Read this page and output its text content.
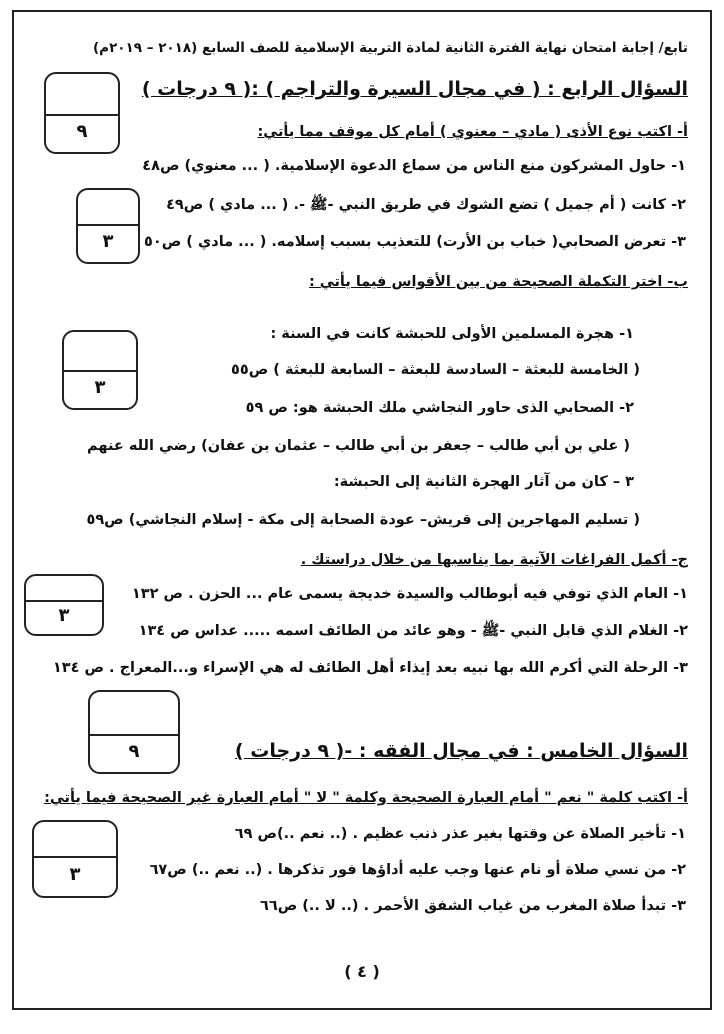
تابع/ إجابة امتحان نهاية الفترة الثانية لمادة التربية الإسلامية للصف السابع (٢٠١٨ – ٢٠١٩م)
٩
السؤال الرابع : ( في مجال السيرة والتراجم ) :( ٩ درجات )
أ- اكتب نوع الأذى ( مادي – معنوي ) أمام كل موقف مما يأتي:
١- حاول المشركون منع الناس من سماع الدعوة الإسلامية. ( ... معنوي) ص٤٨
٣
٢- كانت ( أم جميل ) تضع الشوك في طريق النبي -ﷺ -. ( ... مادي ) ص٤٩
٣- تعرض الصحابي( خباب بن الأرت) للتعذيب بسبب إسلامه. ( ... مادي ) ص٥٠
ب- اختر التكملة الصحيحة من بين الأقواس فيما يأتي :
٣
١- هجرة المسلمين الأولى للحبشة كانت في السنة :
( الخامسة للبعثة – السادسة للبعثة – السابعة للبعثة ) ص٥٥
٢- الصحابي الذى حاور النجاشي ملك الحبشة هو: ص ٥٩
( علي بن أبي طالب – جعفر بن أبي طالب – عثمان بن عفان) رضي الله عنهم
٣ – كان من آثار الهجرة الثانية إلى الحبشة:
( تسليم المهاجرين إلى قريش– عودة الصحابة إلى مكة - إسلام النجاشي) ص٥٩
ج- أكمل الفراغات الآتية بما يناسبها من خلال دراستك .
٣
١- العام الذي توفي فيه أبوطالب والسيدة خديجة يسمى عام ... الحزن . ص ١٣٢
٢- الغلام الذي قابل النبي -ﷺ - وهو عائد من الطائف اسمه ..... عداس ص ١٣٤
٣- الرحلة التي أكرم الله بها نبيه بعد إيذاء أهل الطائف له هي الإسراء و...المعراج . ص ١٣٤
٩	السؤال الخامس : في مجال الفقه : -( ٩ درجات )
أ- اكتب كلمة " نعم " أمام العبارة الصحيحة وكلمة " لا " أمام العبارة غير الصحيحة فيما يأتي:
٣
١- تأخير الصلاة عن وقتها بغير عذر ذنب عظيم . (.. نعم ..)ص ٦٩
٢- من نسي صلاة أو نام عنها وجب عليه أداؤها فور تذكرها . (.. نعم ..) ص٦٧
٣- تبدأ صلاة المغرب من غياب الشفق الأحمر . (.. لا ..) ص٦٦
( ٤ )
